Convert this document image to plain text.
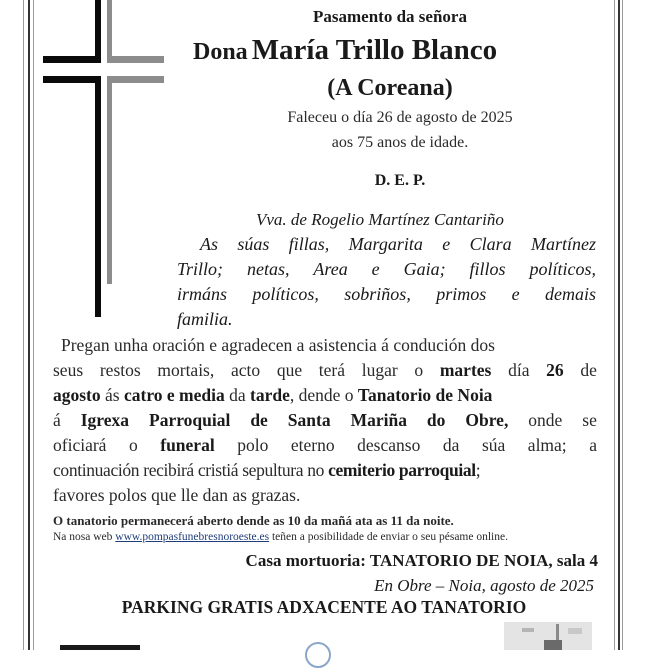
Pasamento da señora
Dona María Trillo Blanco
(A Coreana)
Faleceu o día 26 de agosto de 2025
aos 75 anos de idade.
D. E. P.
Vva. de Rogelio Martínez Cantariño
As súas fillas, Margarita e Clara Martínez
Trillo; netas, Area e Gaia; fillos políticos,
irmáns políticos, sobriños, primos e demais
familia.
Pregan unha oración e agradecen a asistencia á condución dos
seus restos mortais, acto que terá lugar o martes día 26 de
agosto ás catro e media da tarde, dende o Tanatorio de Noia
á Igrexa Parroquial de Santa Mariña do Obre, onde se
oficiará o funeral polo eterno descanso da súa alma; a
continuación recibirá cristiá sepultura no cemiterio parroquial;
favores polos que lle dan as grazas.
O tanatorio permanecerá aberto dende as 10 da mañá ata as 11 da noite.
Na nosa web www.pompasfunebresnoroeste.es teñen a posibilidade de enviar o seu pésame online.
Casa mortuoria: TANATORIO DE NOIA, sala 4
En Obre – Noia, agosto de 2025
PARKING GRATIS ADXACENTE AO TANATORIO
